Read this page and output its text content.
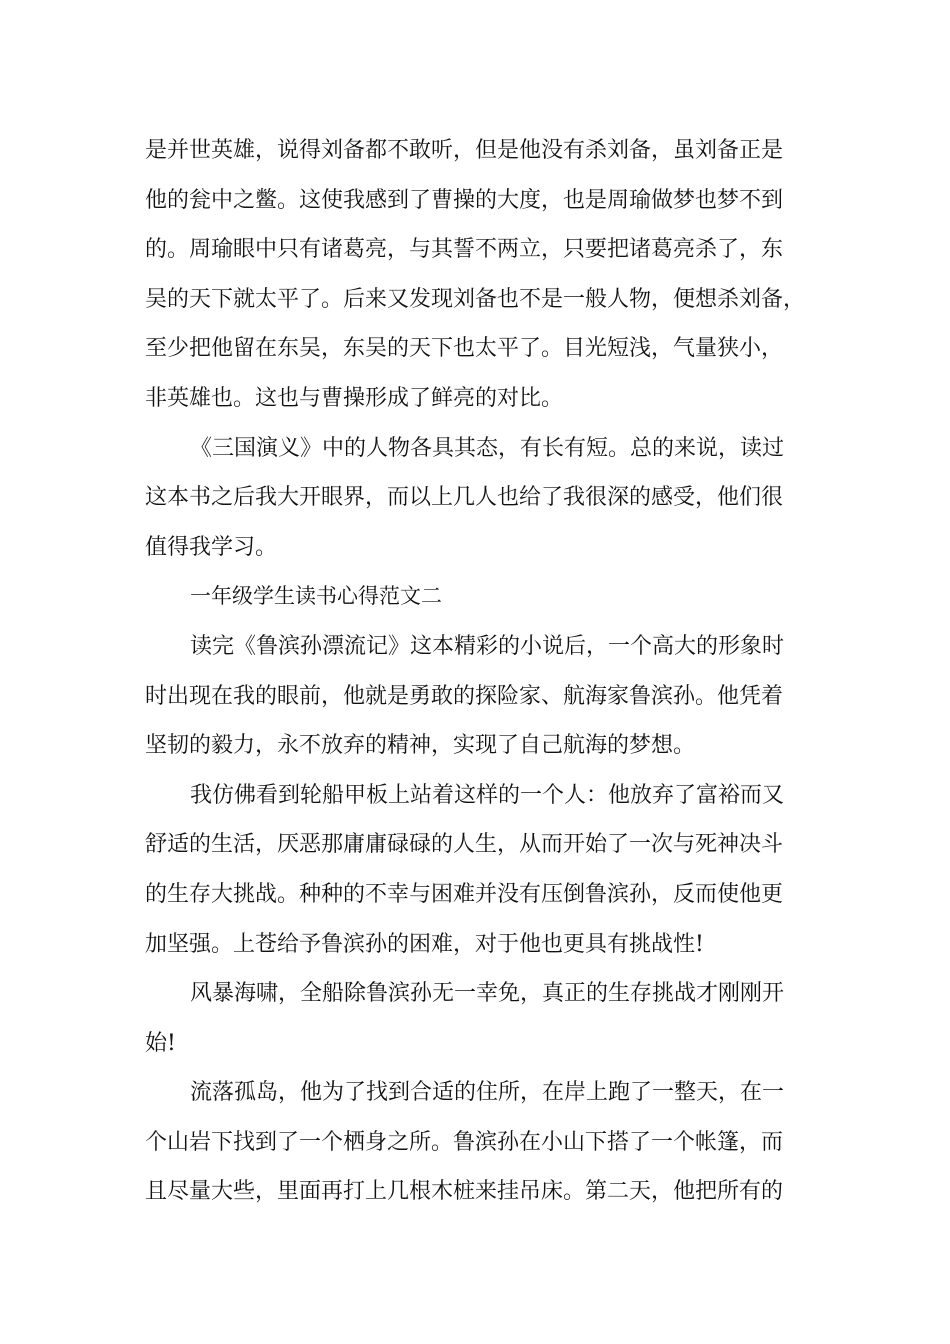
是并世英雄，说得刘备都不敢听，但是他没有杀刘备，虽刘备正是
他的瓮中之鳖。这使我感到了曹操的大度，也是周瑜做梦也梦不到
的。周瑜眼中只有诸葛亮，与其誓不两立，只要把诸葛亮杀了，东
吴的天下就太平了。后来又发现刘备也不是一般人物，便想杀刘备，
至少把他留在东吴，东吴的天下也太平了。目光短浅，气量狭小，
非英雄也。这也与曹操形成了鲜亮的对比。
《三国演义》中的人物各具其态，有长有短。总的来说，读过
这本书之后我大开眼界，而以上几人也给了我很深的感受，他们很
值得我学习。
一年级学生读书心得范文二
读完《鲁滨孙漂流记》这本精彩的小说后，一个高大的形象时
时出现在我的眼前，他就是勇敢的探险家、航海家鲁滨孙。他凭着
坚韧的毅力，永不放弃的精神，实现了自己航海的梦想。
我仿佛看到轮船甲板上站着这样的一个人：他放弃了富裕而又
舒适的生活，厌恶那庸庸碌碌的人生，从而开始了一次与死神决斗
的生存大挑战。种种的不幸与困难并没有压倒鲁滨孙，反而使他更
加坚强。上苍给予鲁滨孙的困难，对于他也更具有挑战性!
风暴海啸，全船除鲁滨孙无一幸免，真正的生存挑战才刚刚开
始!
流落孤岛，他为了找到合适的住所，在岸上跑了一整天，在一
个山岩下找到了一个栖身之所。鲁滨孙在小山下搭了一个帐篷，而
且尽量大些，里面再打上几根木桩来挂吊床。第二天，他把所有的
